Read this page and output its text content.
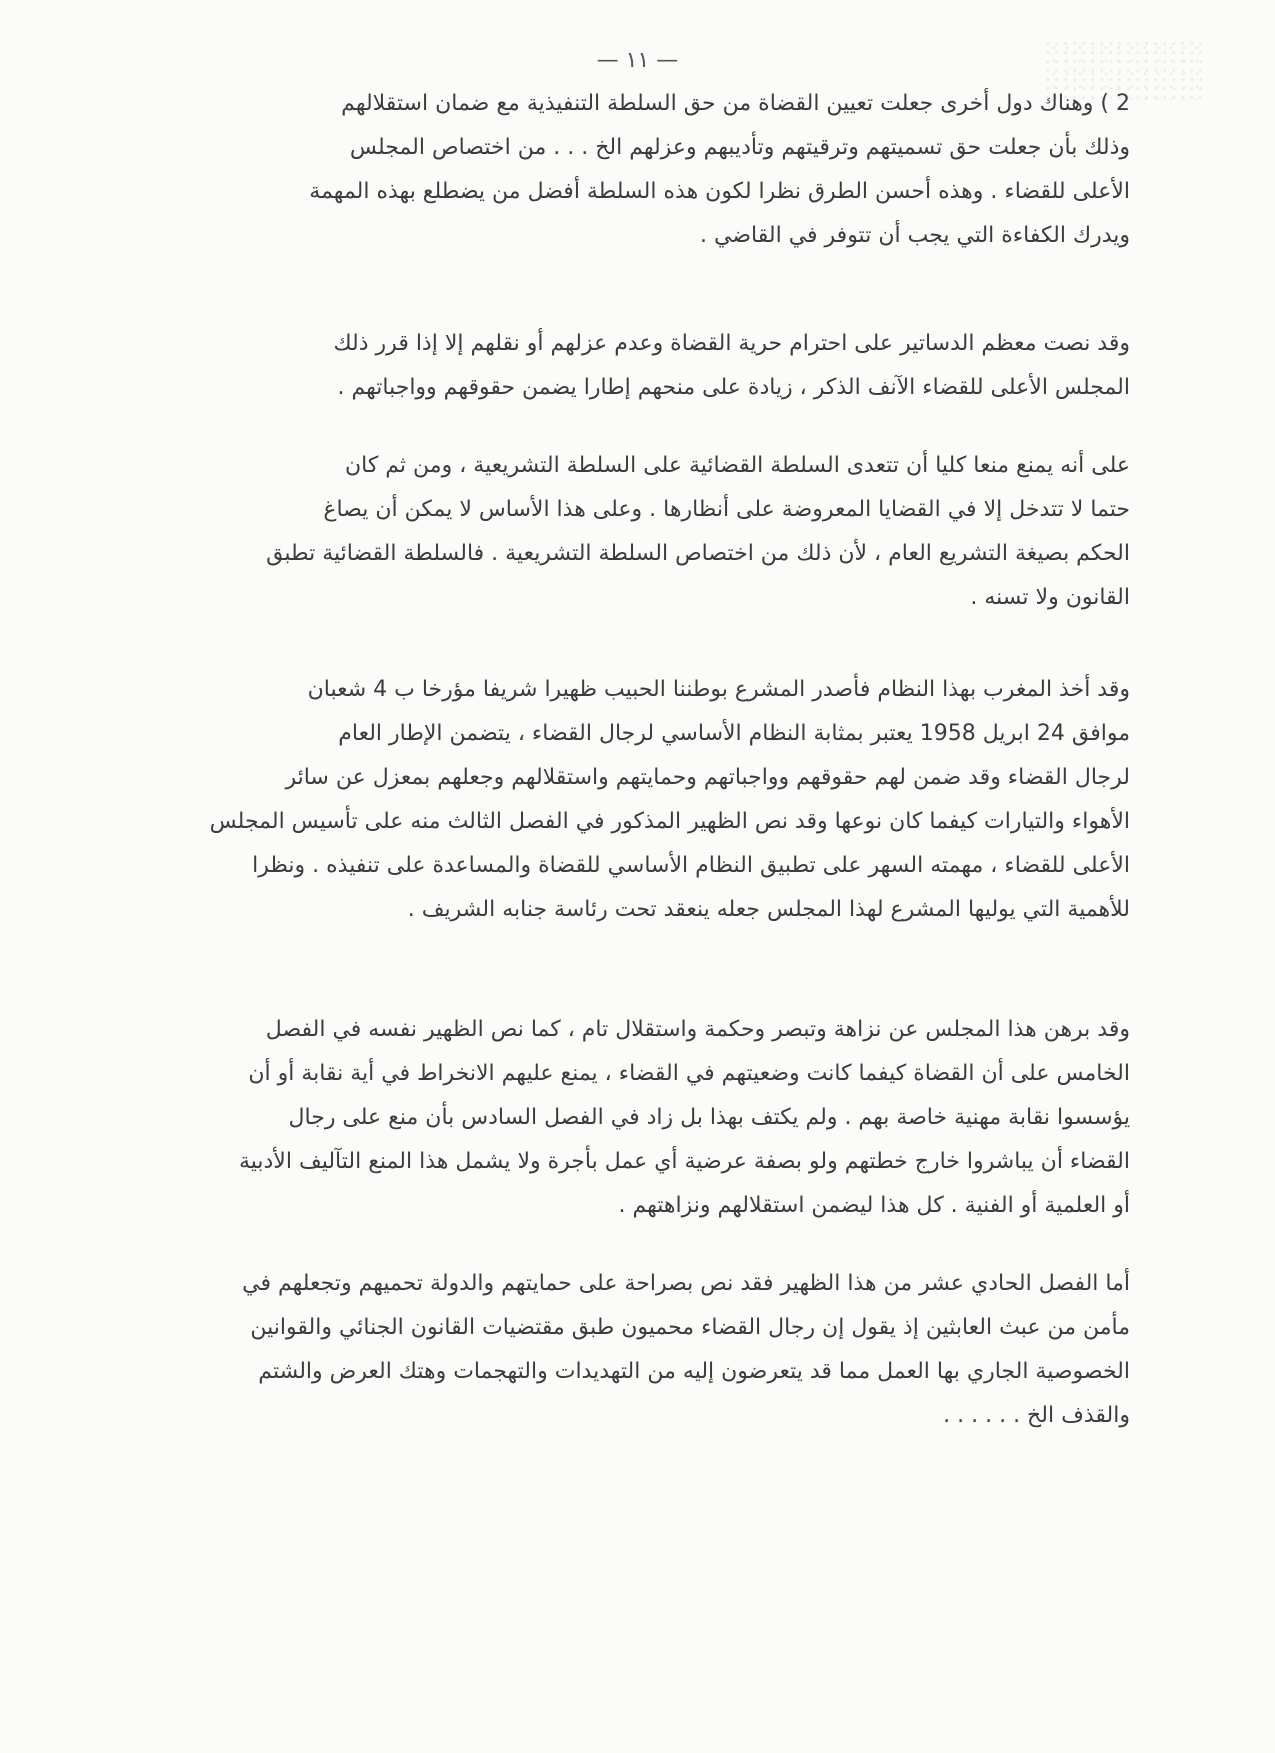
— ١١ —
2 ) وهناك دول أخرى جعلت تعيين القضاة من حق السلطة التنفيذية مع ضمان استقلالهم
وذلك بأن جعلت حق تسميتهم وترقيتهم وتأديبهم وعزلهم الخ . . . من اختصاص المجلس
الأعلى للقضاء . وهذه أحسن الطرق نظرا لكون هذه السلطة أفضل من يضطلع بهذه المهمة
ويدرك الكفاءة التي يجب أن تتوفر في القاضي .
وقد نصت معظم الدساتير على احترام حرية القضاة وعدم عزلهم أو نقلهم إلا إذا قرر ذلك
المجلس الأعلى للقضاء الآنف الذكر ، زيادة على منحهم إطارا يضمن حقوقهم وواجباتهم .
على أنه يمنع منعا كليا أن تتعدى السلطة القضائية على السلطة التشريعية ، ومن ثم كان
حتما لا تتدخل إلا في القضايا المعروضة على أنظارها . وعلى هذا الأساس لا يمكن أن يصاغ
الحكم بصيغة التشريع العام ، لأن ذلك من اختصاص السلطة التشريعية . فالسلطة القضائية تطبق
القانون ولا تسنه .
وقد أخذ المغرب بهذا النظام فأصدر المشرع بوطننا الحبيب ظهيرا شريفا مؤرخا ب 4 شعبان
موافق 24 ابريل 1958 يعتبر بمثابة النظام الأساسي لرجال القضاء ، يتضمن الإطار العام
لرجال القضاء وقد ضمن لهم حقوقهم وواجباتهم وحمايتهم واستقلالهم وجعلهم بمعزل عن سائر
الأهواء والتيارات كيفما كان نوعها وقد نص الظهير المذكور في الفصل الثالث منه على تأسيس المجلس
الأعلى للقضاء ، مهمته السهر على تطبيق النظام الأساسي للقضاة والمساعدة على تنفيذه . ونظرا
للأهمية التي يوليها المشرع لهذا المجلس جعله ينعقد تحت رئاسة جنابه الشريف .
وقد برهن هذا المجلس عن نزاهة وتبصر وحكمة واستقلال تام ، كما نص الظهير نفسه في الفصل
الخامس على أن القضاة كيفما كانت وضعيتهم في القضاء ، يمنع عليهم الانخراط في أية نقابة أو أن
يؤسسوا نقابة مهنية خاصة بهم . ولم يكتف بهذا بل زاد في الفصل السادس بأن منع على رجال
القضاء أن يباشروا خارج خطتهم ولو بصفة عرضية أي عمل بأجرة ولا يشمل هذا المنع التآليف الأدبية
أو العلمية أو الفنية . كل هذا ليضمن استقلالهم ونزاهتهم .
أما الفصل الحادي عشر من هذا الظهير فقد نص بصراحة على حمايتهم والدولة تحميهم وتجعلهم في
مأمن من عبث العابثين إذ يقول إن رجال القضاء محميون طبق مقتضيات القانون الجنائي والقوانين
الخصوصية الجاري بها العمل مما قد يتعرضون إليه من التهديدات والتهجمات وهتك العرض والشتم
والقذف الخ . . . . . .
